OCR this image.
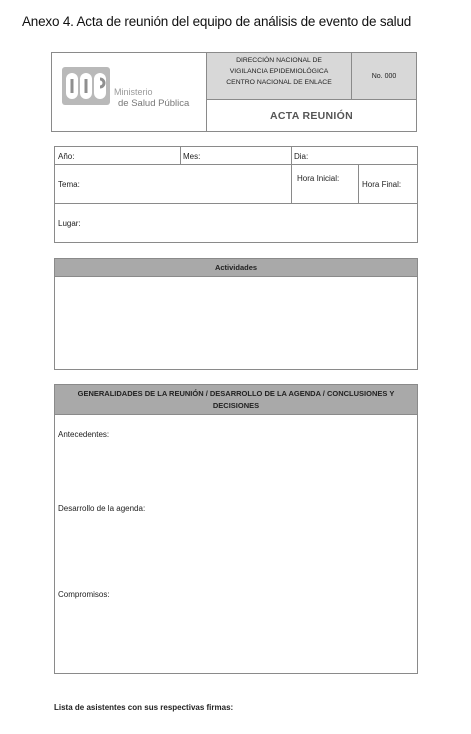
Anexo 4. Acta de reunión del equipo de análisis de evento de salud
Ministerio
de Salud Pública
DIRECCIÓN NACIONAL DE
VIGILANCIA EPIDEMIOLÓGICA
CENTRO NACIONAL DE ENLACE
No. 000
ACTA REUNIÓN
Año:	Mes:	Dia:
Tema:
Hora Inicial:
Hora Final:
Lugar:
Actividades
GENERALIDADES DE LA REUNIÓN / DESARROLLO DE LA AGENDA / CONCLUSIONES Y
DECISIONES
Antecedentes:
Desarrollo de la agenda:
Compromisos:
Lista de asistentes con sus respectivas firmas:
